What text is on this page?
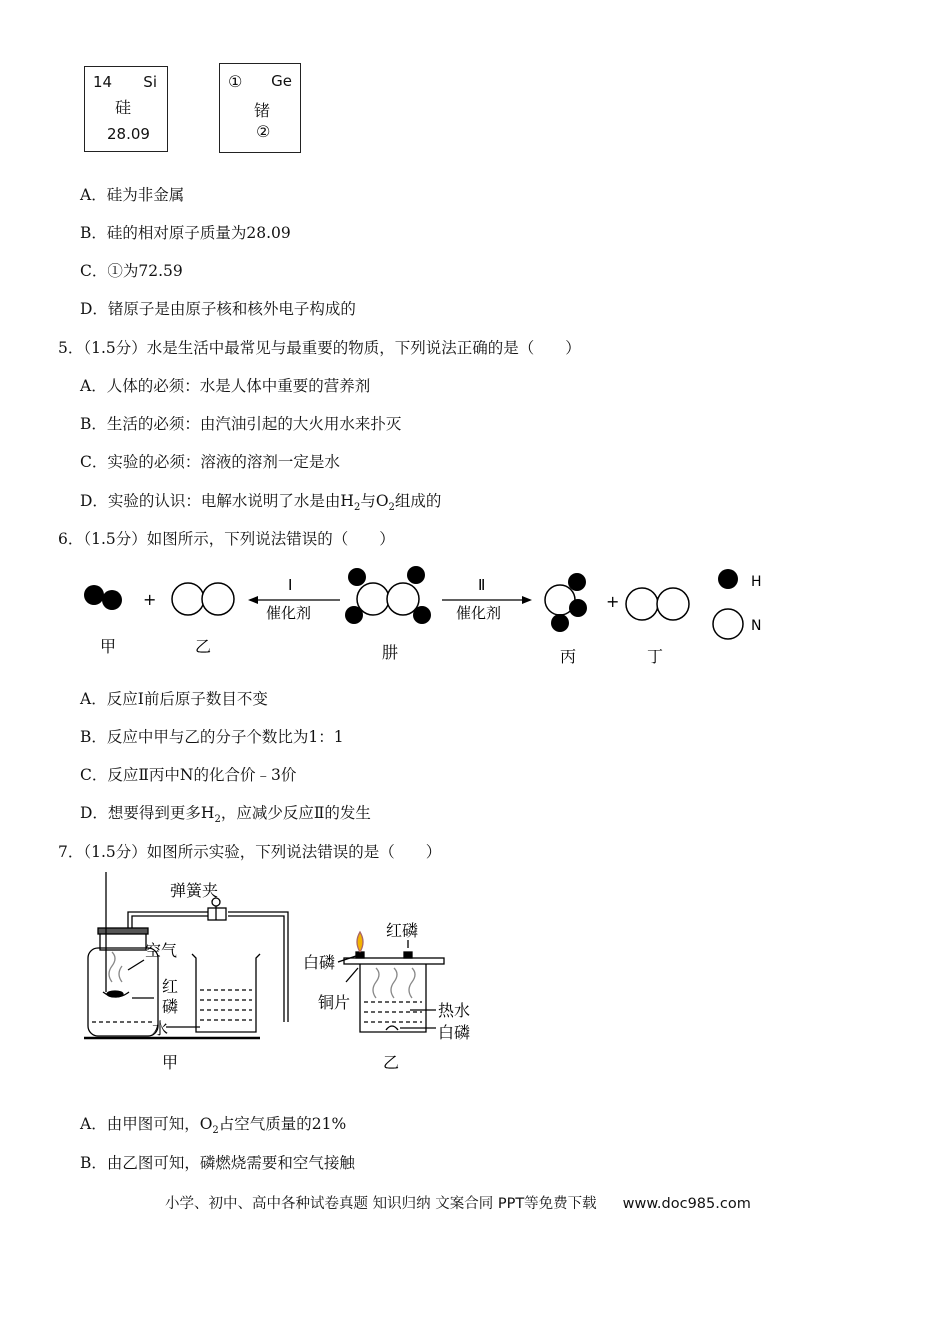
14 Si
硅
28.09
① Ge
锗
②
A．硅为非金属
B．硅的相对原子质量为28.09
C．①为72.59
D．锗原子是由原子核和核外电子构成的
5．（1.5分）水是生活中最常见与最重要的物质，下列说法正确的是（　　）
A．人体的必须：水是人体中重要的营养剂
B．生活的必须：由汽油引起的大火用水来扑灭
C．实验的必须：溶液的溶剂一定是水
D．实验的认识：电解水说明了水是由$H_2$与$O_2$组成的
6．（1.5分）如图所示，下列说法错误的（　　）
+
Ⅰ
催化剂
Ⅱ
催化剂
+
H
N
甲	乙	肼	丙	丁
A．反应Ⅰ前后原子数目不变
B．反应中甲与乙的分子个数比为1：1
C．反应Ⅱ丙中N的化合价﹣3价
D．想要得到更多$H_2$，应减少反应Ⅱ的发生
7．（1.5分）如图所示实验，下列说法错误的是（　　）
弹簧夹
空气
红
磷
水
甲
红磷
白磷
铜片	热水
白磷
乙
A．由甲图可知，$O_2$占空气质量的21%
B．由乙图可知，磷燃烧需要和空气接触
小学、初中、高中各种试卷真题 知识归纳 文案合同 PPT等免费下载 www.doc985.com
